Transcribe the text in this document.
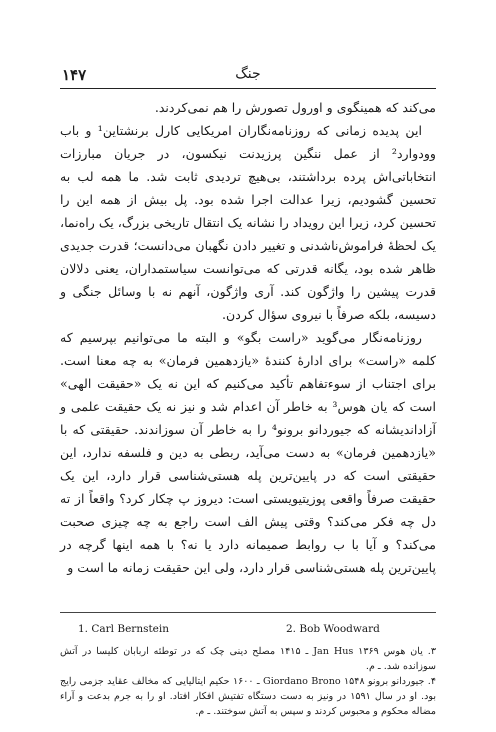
۱۴۷	جنگ

می‌کند که همینگوی و اورول تصورش را هم نمی‌کردند.

این پدیده زمانی که روزنامه‌نگاران امریکایی کارل برنشتاین¹ و باب وودوارد² از عمل ننگین پرزیدنت نیکسون، در جریان مبارزات انتخاباتی‌اش پرده برداشتند، بی‌هیچ تردیدی ثابت شد. ما همه لب به تحسین گشودیم، زیرا عدالت اجرا شده بود. پل بیش از همه این را تحسین کرد، زیرا این رویداد را نشانه یک انتقال تاریخی بزرگ، یک راه‌نما، یک لحظهٔ فراموش‌ناشدنی و تغییر دادن نگهبان می‌دانست؛ قدرت جدیدی ظاهر شده بود، یگانه قدرتی که می‌توانست سیاستمداران، یعنی دلالان قدرت پیشین را واژگون کند. آری واژگون، آنهم نه با وسائل جنگی و دسیسه، بلکه صرفاً با نیروی سؤال کردن.

روزنامه‌نگار می‌گوید «راست بگو» و البته ما می‌توانیم بپرسیم که کلمه «راست» برای ادارهٔ کنندهٔ «یازدهمین فرمان» به چه معنا است. برای اجتناب از سوءتفاهم تأکید می‌کنیم که این نه یک «حقیقت الهی» است که یان هوس³ به خاطر آن اعدام شد و نیز نه یک حقیقت علمی و آزاداندیشانه که جیوردانو برونو⁴ را به خاطر آن سوزاندند. حقیقتی که با «یازدهمین فرمان» به دست می‌آید، ربطی به دین و فلسفه ندارد، این حقیقتی است که در پایین‌ترین پله هستی‌شناسی قرار دارد، این یک حقیقت صرفاً واقعی پوزیتیویستی است: دیروز پ چکار کرد؟ واقعاً از ته دل چه فکر می‌کند؟ وقتی پیش الف است راجع به چه چیزی صحبت می‌کند؟ و آیا با ب روابط صمیمانه دارد یا نه؟ با همه اینها گرچه در پایین‌ترین پله هستی‌شناسی قرار دارد، ولی این حقیقت زمانه ما است و

1. Carl Bernstein	2. Bob Woodward

۳. یان هوس Jan Hus ۱۳۶۹ ـ ۱۴۱۵ مصلح دینی چک که در توطئه اربابان کلیسا در آتش سوزانده شد. ـ م.

۴. جیوردانو برونو Giordano Brono ۱۵۴۸ ـ ۱۶۰۰ حکیم ایتالیایی که مخالف عقاید جزمی رایج بود. او در سال ۱۵۹۱ در ونیز به دست دستگاه تفتیش افکار افتاد. او را به جرم بدعت و آراء مضاله محکوم و محبوس کردند و سپس به آتش سوختند. ـ م.
